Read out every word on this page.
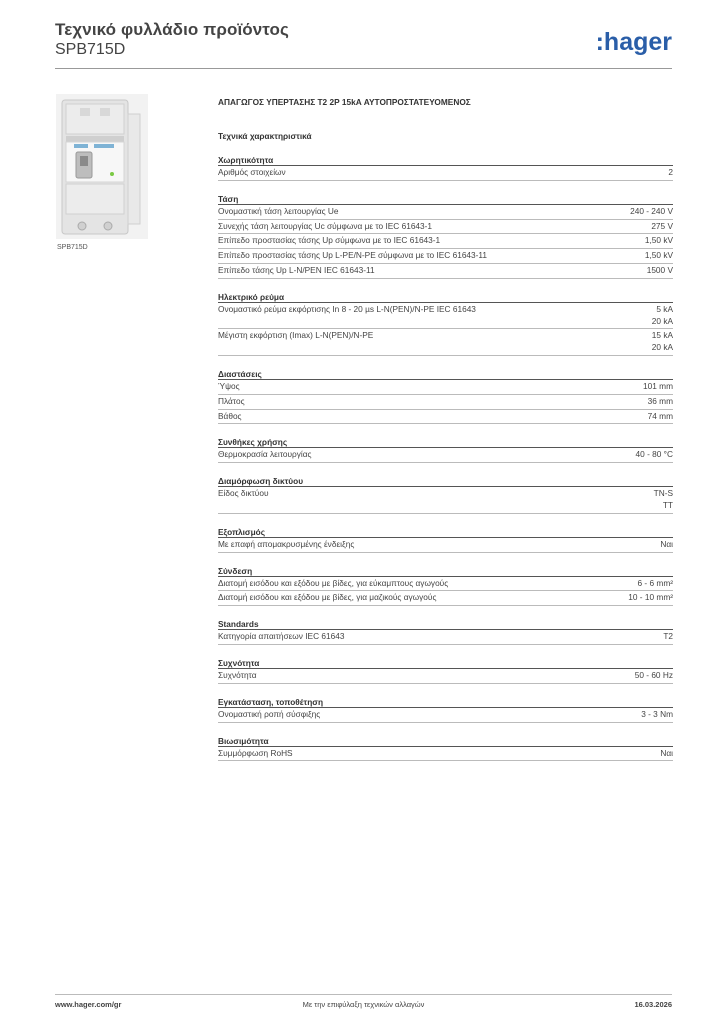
Τεχνικό φυλλάδιο προϊόντος
SPB715D	:hager
SPB715D
ΑΠΑΓΩΓΟΣ ΥΠΕΡΤΑΣΗΣ Τ2 2Ρ 15kA ΑΥΤΟΠΡΟΣΤΑΤΕΥΟΜΕΝΟΣ
Τεχνικά χαρακτηριστικά
Χωρητικότητα
Αριθμός στοιχείων	2
Τάση
Ονομαστική τάση λειτουργίας Ue	240 - 240 V
Συνεχής τάση λειτουργίας Uc σύμφωνα με το IEC 61643-1	275 V
Επίπεδο προστασίας τάσης Up σύμφωνα με το IEC 61643-1	1,50 kV
Επίπεδο προστασίας τάσης Up L-PE/N-PE σύμφωνα με το IEC 61643-11	1,50 kV
Επίπεδο τάσης Up L-N/PEN IEC 61643-11	1500 V
Ηλεκτρικό ρεύμα
Ονομαστικό ρεύμα εκφόρτισης In 8 - 20 µs L-N(PEN)/N-PE IEC 61643	5 kA
20 kA
Μέγιστη εκφόρτιση (Imax) L-N(PEN)/N-PE	15 kA
20 kA
Διαστάσεις
Ύψος	101 mm
Πλάτος	36 mm
Βάθος	74 mm
Συνθήκες χρήσης
Θερμοκρασία λειτουργίας	40 - 80 °C
Διαμόρφωση δικτύου
Είδος δικτύου	TN-S
TT
Εξοπλισμός
Με επαφή απομακρυσμένης ένδειξης	Ναι
Σύνδεση
Διατομή εισόδου και εξόδου με βίδες, για εύκαμπτους αγωγούς	6 - 6 mm²
Διατομή εισόδου και εξόδου με βίδες, για μαζικούς αγωγούς	10 - 10 mm²
Standards
Κατηγορία απαιτήσεων IEC 61643	T2
Συχνότητα
Συχνότητα	50 - 60 Hz
Εγκατάσταση, τοποθέτηση
Ονομαστική ροπή σύσφιξης	3 - 3 Nm
Βιωσιμότητα
Συμμόρφωση RoHS	Ναι
www.hager.com/gr	Με την επιφύλαξη τεχνικών αλλαγών	16.03.2026
